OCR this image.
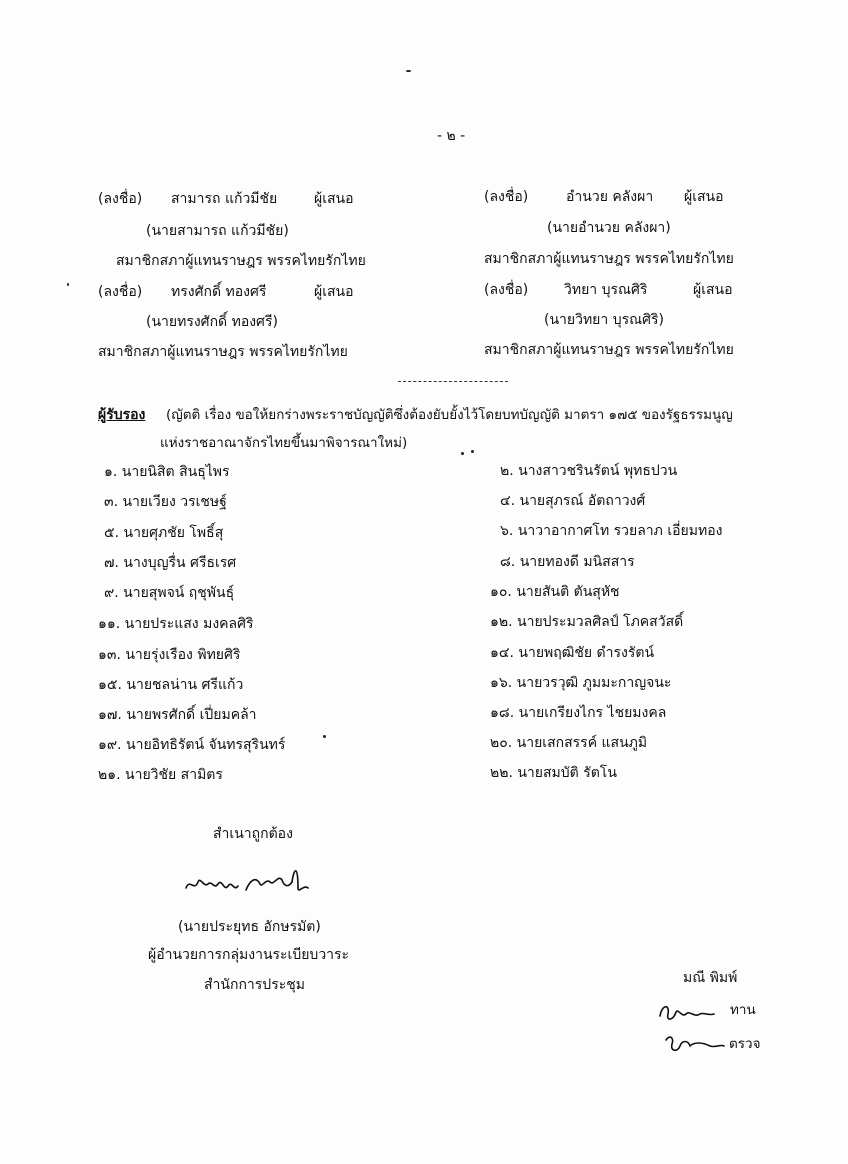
- ๒ -
(ลงชื่อ) สามารถ แก้วมีชัย	ผู้เสนอ
(นายสามารถ แก้วมีชัย)
สมาชิกสภาผู้แทนราษฎร พรรคไทยรักไทย
(ลงชื่อ)	อำนวย คลังผา ผู้เสนอ
(นายอำนวย คลังผา)
สมาชิกสภาผู้แทนราษฎร พรรคไทยรักไทย
(ลงชื่อ) ทรงศักดิ์ ทองศรี	ผู้เสนอ
(นายทรงศักดิ์ ทองศรี)
สมาชิกสภาผู้แทนราษฎร พรรคไทยรักไทย
(ลงชื่อ)	วิทยา บุรณศิริ	ผู้เสนอ
(นายวิทยา บุรณศิริ)
สมาชิกสภาผู้แทนราษฎร พรรคไทยรักไทย
ผู้รับรอง (ญัตติ เรื่อง ขอให้ยกร่างพระราชบัญญัติซึ่งต้องยับยั้งไว้โดยบทบัญญัติ มาตรา ๑๗๕ ของรัฐธรรมนูญ
แห่งราชอาณาจักรไทยขึ้นมาพิจารณาใหม่)
๑. นายนิสิต สินธุไพร
๓. นายเวียง วรเชษฐ์
๕. นายศุภชัย โพธิ์สุ
๗. นางบุญรื่น ศรีธเรศ
๙. นายสุพจน์ ฤชุพันธุ์
๑๑. นายประแสง มงคลศิริ
๑๓. นายรุ่งเรือง พิทยศิริ
๑๕. นายชลน่าน ศรีแก้ว
๑๗. นายพรศักดิ์ เปี่ยมคล้า
๑๙. นายอิทธิรัตน์ จันทรสุรินทร์
๒๑. นายวิชัย สามิตร
๒. นางสาวชรินรัตน์ พุทธปวน
๔. นายสุภรณ์ อัตถาวงศ์
๖. นาวาอากาศโท รวยลาภ เอี่ยมทอง
๘. นายทองดี มนิสสาร
๑๐. นายสันติ ตันสุหัช
๑๒. นายประมวลศิลป์ โภคสวัสดิ์
๑๔. นายพฤฒิชัย ดำรงรัตน์
๑๖. นายวรวุฒิ ภูมมะกาญจนะ
๑๘. นายเกรียงไกร ไชยมงคล
๒๐. นายเสกสรรค์ แสนภูมิ
๒๒. นายสมบัติ รัตโน
สำเนาถูกต้อง
(นายประยุทธ อักษรมัต)
ผู้อำนวยการกลุ่มงานระเบียบวาระ
สำนักการประชุม	มณี พิมพ์
ทาน
ตรวจ
